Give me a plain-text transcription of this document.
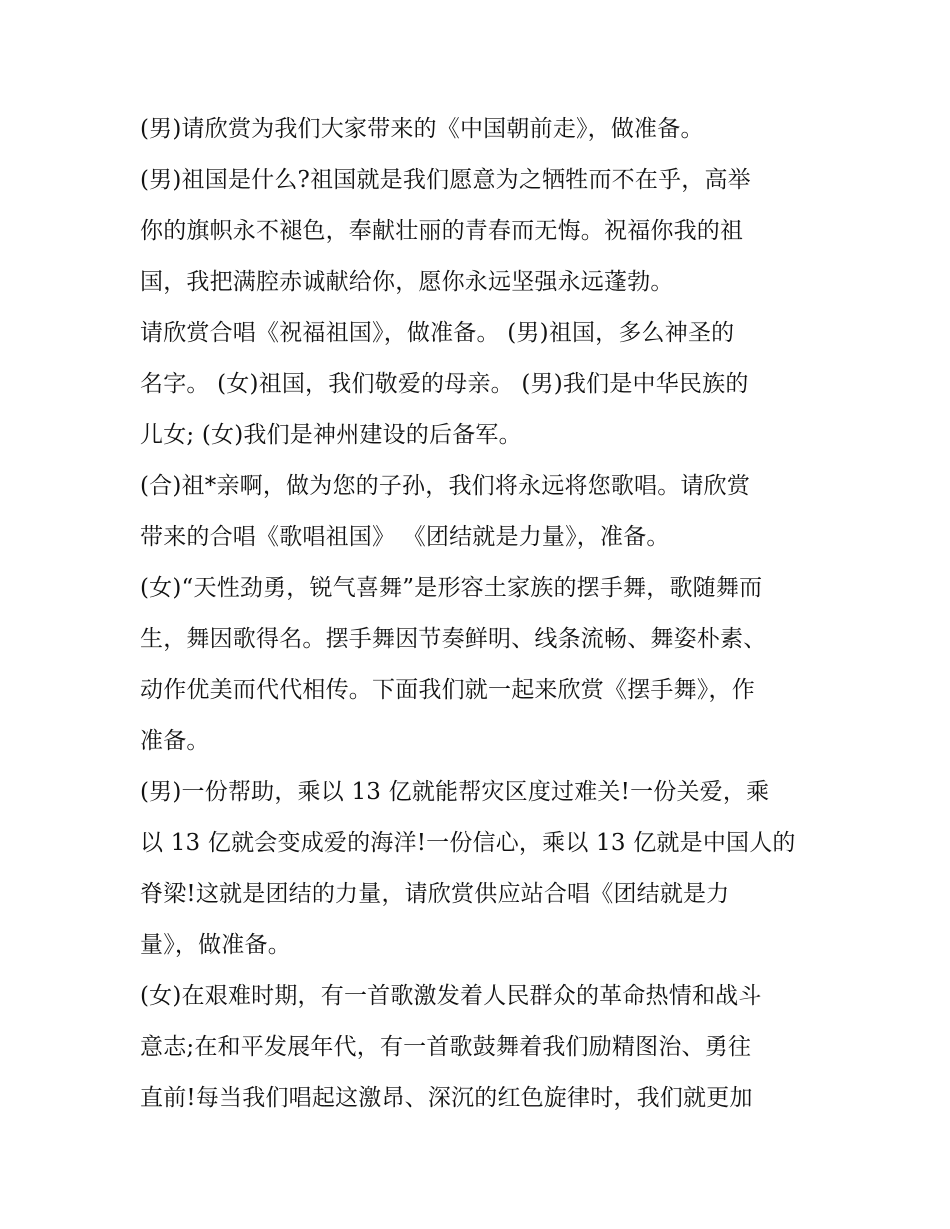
(男)请欣赏为我们大家带来的《中国朝前走》，做准备。
(男)祖国是什么?祖国就是我们愿意为之牺牲而不在乎，高举
你的旗帜永不褪色，奉献壮丽的青春而无悔。祝福你我的祖
国，我把满腔赤诚献给你，愿你永远坚强永远蓬勃。
请欣赏合唱《祝福祖国》，做准备。 (男)祖国，多么神圣的
名字。 (女)祖国，我们敬爱的母亲。 (男)我们是中华民族的
儿女; (女)我们是神州建设的后备军。
(合)祖*亲啊，做为您的子孙，我们将永远将您歌唱。请欣赏
带来的合唱《歌唱祖国》 《团结就是力量》，准备。
(女)“天性劲勇，锐气喜舞”是形容土家族的摆手舞，歌随舞而
生，舞因歌得名。摆手舞因节奏鲜明、线条流畅、舞姿朴素、
动作优美而代代相传。下面我们就一起来欣赏《摆手舞》，作
准备。
(男)一份帮助，乘以 13 亿就能帮灾区度过难关!一份关爱，乘
以 13 亿就会变成爱的海洋!一份信心，乘以 13 亿就是中国人的
脊梁!这就是团结的力量，请欣赏供应站合唱《团结就是力
量》，做准备。
(女)在艰难时期，有一首歌激发着人民群众的革命热情和战斗
意志;在和平发展年代，有一首歌鼓舞着我们励精图治、勇往
直前!每当我们唱起这激昂、深沉的红色旋律时，我们就更加
